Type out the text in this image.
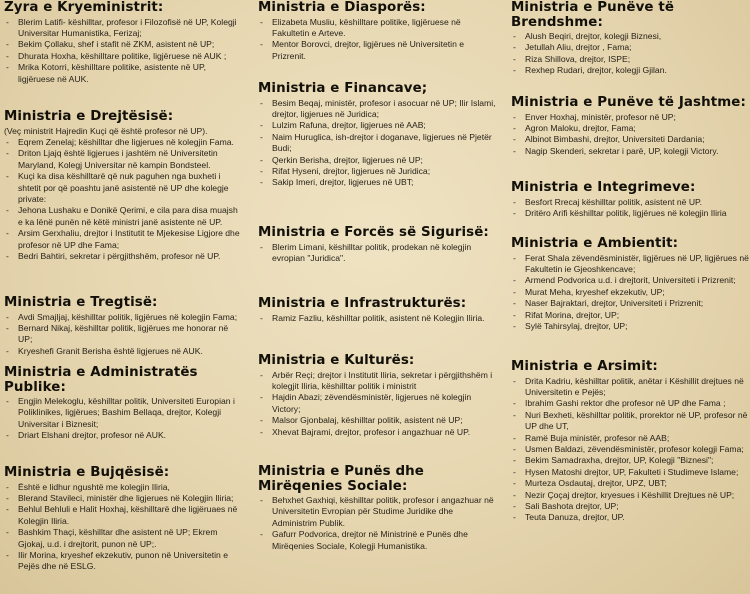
Zyra e Kryeministrit:
- Blerim Latifi- këshilltar, profesor i Filozofisë në UP, Kolegji Universitar Humanistika, Ferizaj;
- Bekim Çollaku, shef i stafit në ZKM, asistent në UP;
- Dhurata Hoxha, këshilltare politike, ligjëruese në AUK ;
- Mrika Kotorri, këshilltare politike, asistente në UP, ligjëruese në AUK.
Ministria e Drejtësisë:
(Veç ministrit Hajredin Kuçi që është profesor në UP).
- Eqrem Zenelaj; këshilltar dhe ligjerues në kolegjin Fama.
- Driton Ljajq është ligjerues i jashtëm në Universitetin Maryland, Kolegj Universitar në kampin Bondsteel.
- Kuçi ka disa këshilltarë që nuk paguhen nga buxheti i shtetit por që poashtu janë asistentë në UP dhe kolegje private:
- Jehona Lushaku e Donikë Qerimi, e cila para disa muajsh e ka lënë punën në këtë ministri janë asistente në UP.
- Arsim Gerxhaliu, drejtor i Institutit te Mjekesise Ligjore dhe profesor në UP dhe Fama;
- Bedri Bahtiri, sekretar i përgjithshëm, profesor në UP.
Ministria e Tregtisë:
- Avdi Smajljaj, këshilltar politik, ligjërues në kolegjin Fama;
- Bernard Nikaj, këshilltar politik, ligjërues me honorar në UP;
- Kryeshefi Granit Berisha është ligjerues në AUK.
Ministria e Administratës Publike:
- Engjin Melekoglu, këshilltar politik, Universiteti Europian i Poliklinikes, ligjërues; Bashim Bellaqa, drejtor, Kolegji Universitar i Biznesit;
- Driart Elshani drejtor, profesor në AUK.
Ministria e Bujqësisë:
- Është e lidhur ngushtë me kolegjin Iliria,
- Blerand Stavileci, ministër dhe ligjerues në Kolegjin Iliria;
- Behlul Behluli e Halit Hoxhaj, këshilltarë dhe ligjëruaes në Kolegjin Iliria.
- Bashkim Thaçi, këshilltar dhe asistent në UP; Ekrem Gjokaj, u.d. i drejtorit, punon në UP;.
- Ilir Morina, kryeshef ekzekutiv, punon në Universitetin e Pejës dhe në ESLG.
Ministria e Diasporës:
- Elizabeta Musliu, këshilltare politike, ligjëruese në Fakultetin e Arteve.
- Mentor Borovci, drejtor, ligjërues në Universitetin e Prizrenit.
Ministria e Financave;
- Besim Beqaj, ministër, profesor i asocuar në UP; Ilir Islami, drejtor, ligjerues në Juridica;
- Lulzim Rafuna, drejtor, ligjerues në AAB;
- Naim Huruglica, ish-drejtor i doganave, ligjerues në Pjetër Budi;
- Qerkin Berisha, drejtor, ligjerues në UP;
- Rifat Hyseni, drejtor, ligjerues në Juridica;
- Sakip Imeri, drejtor, ligjerues në UBT;
Ministria e Forcës së Sigurisë:
- Blerim Limani, këshilltar politik, prodekan në kolegjin evropian "Juridica".
Ministria e Infrastrukturës:
- Ramiz Fazliu, këshilltar politik, asistent në Kolegjin Iliria.
Ministria e Kulturës:
- Arbër Reçi; drejtor i Institutit Iliria, sekretar i përgjithshëm i kolegjit Iliria, këshilltar politik i ministrit
- Hajdin Abazi; zëvendësministër, ligjerues në kolegjin Victory;
- Malsor Gjonbalaj, këshilltar politik, asistent në UP;
- Xhevat Bajrami, drejtor, profesor i angazhuar në UP.
Ministria e Punës dhe Mirëqenies Sociale:
- Behxhet Gaxhiqi, këshilltar politik, profesor i angazhuar në Universitetin Evropian për Studime Juridike dhe Administrim Publik.
- Gafurr Podvorica, drejtor në Ministrinë e Punës dhe Mirëqenies Sociale, Kolegji Humanistika.
Ministria e Punëve të Brendshme:
- Alush Beqiri, drejtor, kolegji Biznesi,
- Jetullah Aliu, drejtor , Fama;
- Riza Shillova, drejtor, ISPE;
- Rexhep Rudari, drejtor, kolegji Gjilan.
Ministria e Punëve të Jashtme:
- Enver Hoxhaj, ministër, profesor në UP;
- Agron Maloku, drejtor, Fama;
- Albinot Bimbashi, drejtor, Universiteti Dardania;
- Nagip Skenderi, sekretar i parë, UP, kolegji Victory.
Ministria e Integrimeve:
- Besfort Rrecaj këshilltar politik, asistent në UP.
- Dritëro Arifi këshilltar politik, ligjërues në kolegjin Iliria
Ministria e Ambientit:
- Ferat Shala zëvendësministër, ligjërues në UP, ligjërues në Fakultetin ie Gjeoshkencave;
- Armend Podvorica u.d. i drejtorit, Universiteti i Prizrenit;
- Murat Meha, kryeshef ekzekutiv, UP;
- Naser Bajraktari, drejtor, Universiteti i Prizrenit;
- Rifat Morina, drejtor, UP;
- Sylë Tahirsylaj, drejtor, UP;
Ministria e Arsimit:
- Drita Kadriu, këshilltar politik, anëtar i Këshillit drejtues në Universitetin e Pejës;
- Ibrahim Gashi rektor dhe profesor në UP dhe Fama ;
- Nuri Bexheti, këshilltar politik, prorektor në UP, profesor në UP dhe UT,
- Ramë Buja ministër, profesor në AAB;
- Usmen Baldazi, zëvendësministër, profesor kolegji Fama;
- Bekim Samadraxha, drejtor, UP, Kolegji "Biznesi";
- Hysen Matoshi drejtor, UP, Fakulteti i Studimeve Islame;
- Murteza Osdautaj, drejtor, UPZ, UBT;
- Nezir Çoçaj drejtor, kryesues i Këshillit Drejtues në UP;
- Sali Bashota drejtor, UP;
- Teuta Danuza, drejtor, UP.
